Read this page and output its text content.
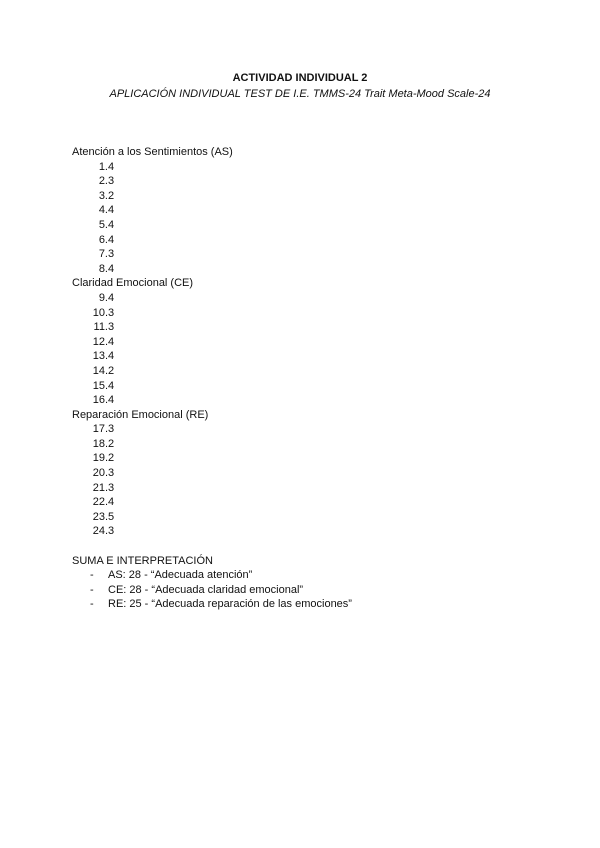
ACTIVIDAD INDIVIDUAL 2
APLICACIÓN INDIVIDUAL TEST DE I.E. TMMS-24 Trait Meta-Mood Scale-24
Atención a los Sentimientos (AS)
1. 4
2. 3
3. 2
4. 4
5. 4
6. 4
7. 3
8. 4
Claridad Emocional (CE)
9. 4
10. 3
11. 3
12. 4
13. 4
14. 2
15. 4
16. 4
Reparación Emocional (RE)
17. 3
18. 2
19. 2
20. 3
21. 3
22. 4
23. 5
24. 3
SUMA E INTERPRETACIÓN
- AS: 28 - “Adecuada atención”
- CE: 28 - “Adecuada claridad emocional”
- RE: 25 - “Adecuada reparación de las emociones”
